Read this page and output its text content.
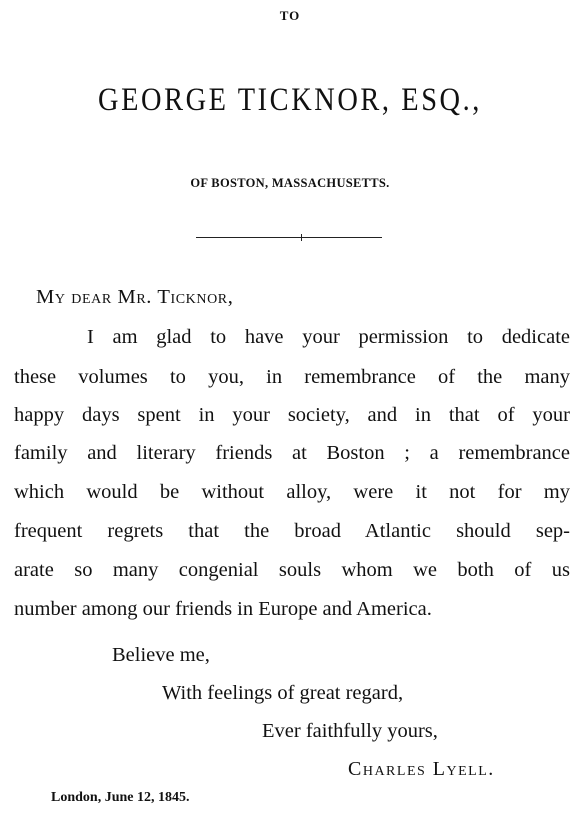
TO
GEORGE TICKNOR, ESQ.,
OF BOSTON, MASSACHUSETTS.

My dear Mr. Ticknor,

I am glad to have your permission to dedicate
these volumes to you, in remembrance of the many
happy days spent in your society, and in that of your
family and literary friends at Boston ; a remembrance
which would be without alloy, were it not for my
frequent regrets that the broad Atlantic should sep-
arate so many congenial souls whom we both of us
number among our friends in Europe and America.
Believe me,
With feelings of great regard,
Ever faithfully yours,
Charles Lyell.
London, June 12, 1845.
